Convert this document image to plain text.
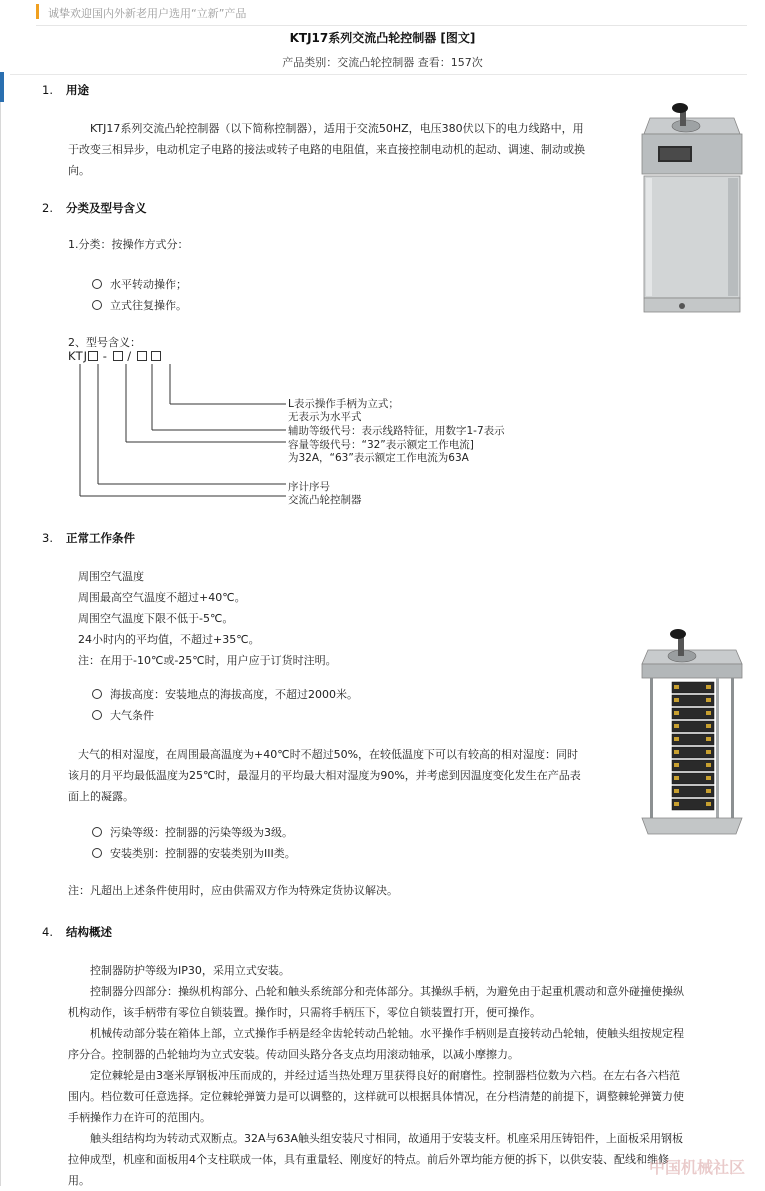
诚挚欢迎国内外新老用户选用“立新”产品
KTJ17系列交流凸轮控制器 [图文]
产品类别：交流凸轮控制器 查看：157次
1. 用途
KTJ17系列交流凸轮控制器（以下简称控制器），适用于交流50HZ，电压380伏以下的电力线路中，用
于改变三相异步，电动机定子电路的接法或转子电路的电阻值，来直接控制电动机的起动、调速、制动或换
向。
2. 分类及型号含义
1.分类：按操作方式分：
水平转动操作；
立式往复操作。
2、型号含义：
KTJ -  /
L表示操作手柄为立式；
无表示为水平式
辅助等级代号：表示线路特征，用数字1-7表示
容量等级代号：“32”表示额定工作电流]
为32A，“63”表示额定工作电流为63A
序计序号
交流凸轮控制器
3. 正常工作条件
周围空气温度
周围最高空气温度不超过+40℃。
周围空气温度下限不低于-5℃。
24小时内的平均值，不超过+35℃。
注：在用于-10℃或-25℃时，用户应于订货时注明。
海拔高度：安装地点的海拔高度，不超过2000米。
大气条件
大气的相对湿度，在周围最高温度为+40℃时不超过50%，在较低温度下可以有较高的相对湿度：同时
该月的月平均最低温度为25℃时，最湿月的平均最大相对湿度为90%，并考虑到因温度变化发生在产品表
面上的凝露。
污染等级：控制器的污染等级为3级。
安装类别：控制器的安装类别为III类。
注：凡超出上述条件使用时，应由供需双方作为特殊定货协议解决。
4. 结构概述
控制器防护等级为IP30，采用立式安装。
控制器分四部分：操纵机构部分、凸轮和触头系统部分和壳体部分。其操纵手柄，为避免由于起重机震动和意外碰撞使操纵
机构动作，该手柄带有零位自锁装置。操作时，只需将手柄压下，零位自锁装置打开，便可操作。
机械传动部分装在箱体上部，立式操作手柄是经伞齿轮转动凸轮轴。水平操作手柄则是直接转动凸轮轴，使触头组按规定程
序分合。控制器的凸轮轴均为立式安装。传动回头路分各支点均用滚动轴承，以减小摩擦力。
定位棘轮是由3毫米厚钢板冲压而成的，并经过适当热处理万里获得良好的耐磨性。控制器档位数为六档。在左右各六档范
围内。档位数可任意选择。定位棘轮弹簧力是可以调整的，这样就可以根据具体情况，在分档清楚的前提下，调整棘轮弹簧力使
手柄操作力在许可的范围内。
触头组结构均为转动式双断点。32A与63A触头组安装尺寸相同，故通用于安装支杆。机座采用压铸铝件，上面板采用钢板
拉伸成型，机座和面板用4个支柱联成一体，具有重量轻、刚度好的特点。前后外罩均能方便的拆下，以供安装、配线和维修
用。
中国机械社区
